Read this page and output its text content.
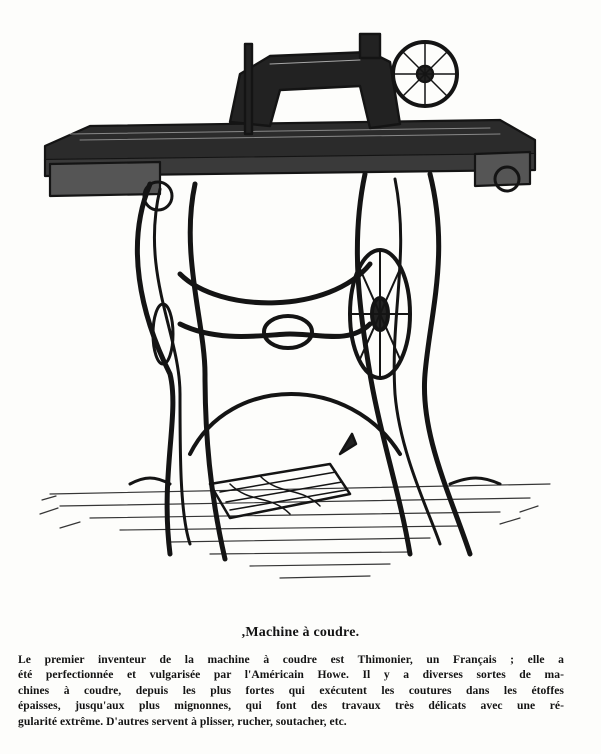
,Machine à coudre.
Le premier inventeur de la machine à coudre est Thimonier, un Français ; elle a
été perfectionnée et vulgarisée par l'Américain Howe. Il y a diverses sortes de ma-
chines à coudre, depuis les plus fortes qui exécutent les coutures dans les étoffes
épaisses, jusqu'aux plus mignonnes, qui font des travaux très délicats avec une ré-
gularité extrême. D'autres servent à plisser, rucher, soutacher, etc.
